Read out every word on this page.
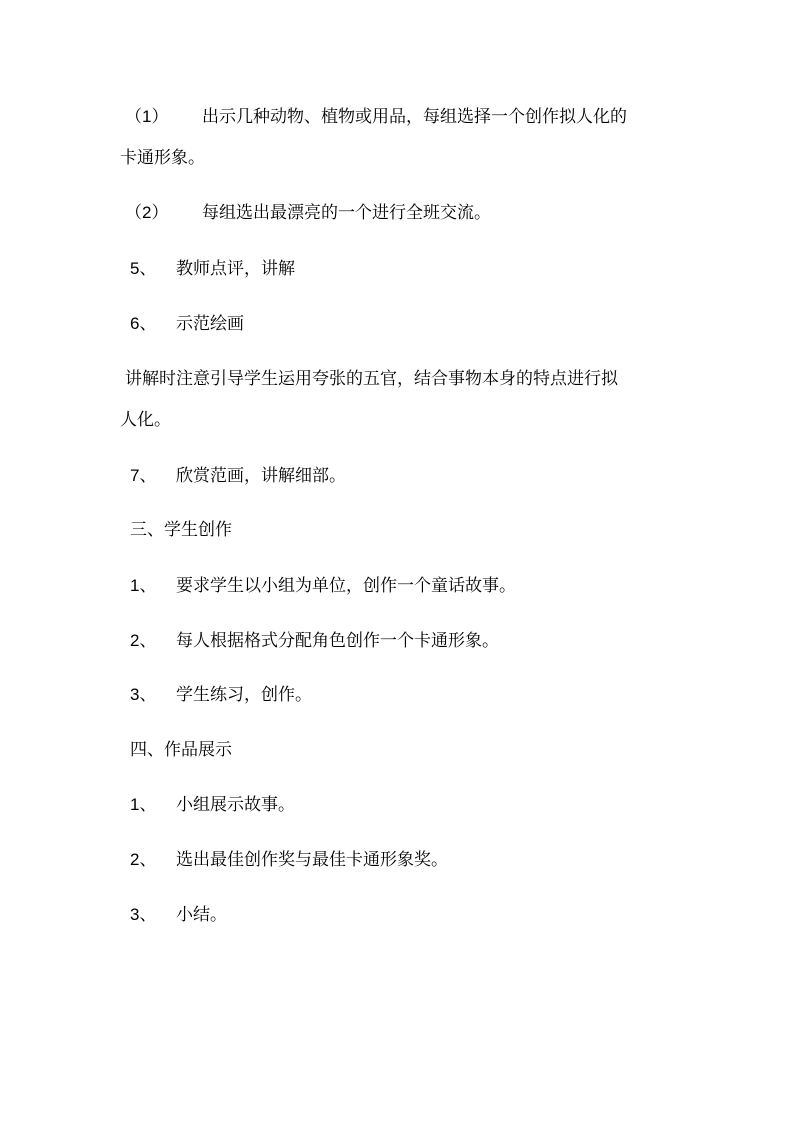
（1） 出示几种动物、植物或用品，每组选择一个创作拟人化的
卡通形象。
（2） 每组选出最漂亮的一个进行全班交流。
5、 教师点评，讲解
6、 示范绘画
讲解时注意引导学生运用夸张的五官，结合事物本身的特点进行拟
人化。
7、 欣赏范画，讲解细部。
三、学生创作
1、 要求学生以小组为单位，创作一个童话故事。
2、 每人根据格式分配角色创作一个卡通形象。
3、 学生练习，创作。
四、作品展示
1、 小组展示故事。
2、 选出最佳创作奖与最佳卡通形象奖。
3、 小结。
